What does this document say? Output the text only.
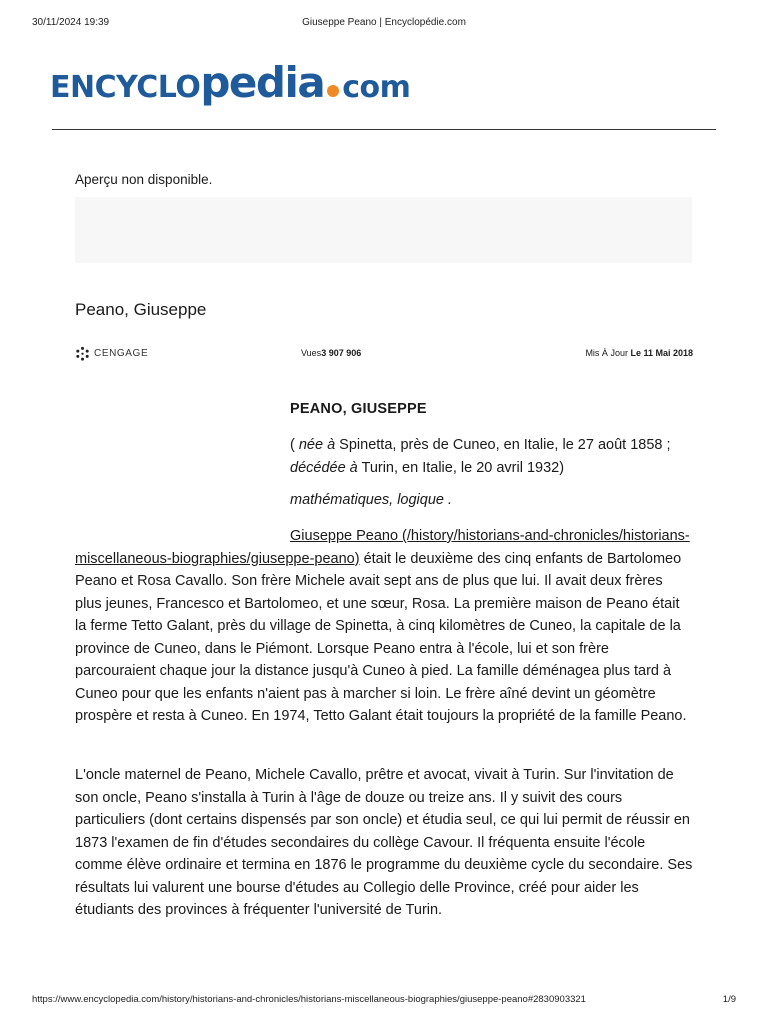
30/11/2024 19:39	Giuseppe Peano | Encyclopédie.com
ENCYCLOpedia com
Aperçu non disponible.
Peano, Giuseppe
CENGAGE	Vues3 907 906	Mis À Jour Le 11 Mai 2018
PEANO, GIUSEPPE
( née à Spinetta, près de Cuneo, en Italie, le 27 août 1858 ; décédée à Turin, en Italie, le 20 avril 1932)
mathématiques, logique .

Giuseppe Peano (/history/historians-and-chronicles/historians-miscellaneous-biographies/giuseppe-peano) était le deuxième des cinq enfants de Bartolomeo Peano et Rosa Cavallo. Son frère Michele avait sept ans de plus que lui. Il avait deux frères plus jeunes, Francesco et Bartolomeo, et une sœur, Rosa. La première maison de Peano était la ferme Tetto Galant, près du village de Spinetta, à cinq kilomètres de Cuneo, la capitale de la province de Cuneo, dans le Piémont. Lorsque Peano entra à l'école, lui et son frère parcouraient chaque jour la distance jusqu'à Cuneo à pied. La famille déménagea plus tard à Cuneo pour que les enfants n'aient pas à marcher si loin. Le frère aîné devint un géomètre prospère et resta à Cuneo. En 1974, Tetto Galant était toujours la propriété de la famille Peano.

L'oncle maternel de Peano, Michele Cavallo, prêtre et avocat, vivait à Turin. Sur l'invitation de son oncle, Peano s'installa à Turin à l'âge de douze ou treize ans. Il y suivit des cours particuliers (dont certains dispensés par son oncle) et étudia seul, ce qui lui permit de réussir en 1873 l'examen de fin d'études secondaires du collège Cavour. Il fréquenta ensuite l'école comme élève ordinaire et termina en 1876 le programme du deuxième cycle du secondaire. Ses résultats lui valurent une bourse d'études au Collegio delle Province, créé pour aider les étudiants des provinces à fréquenter l'université de Turin.

https://www.encyclopedia.com/history/historians-and-chronicles/historians-miscellaneous-biographies/giuseppe-peano#2830903321	1/9
